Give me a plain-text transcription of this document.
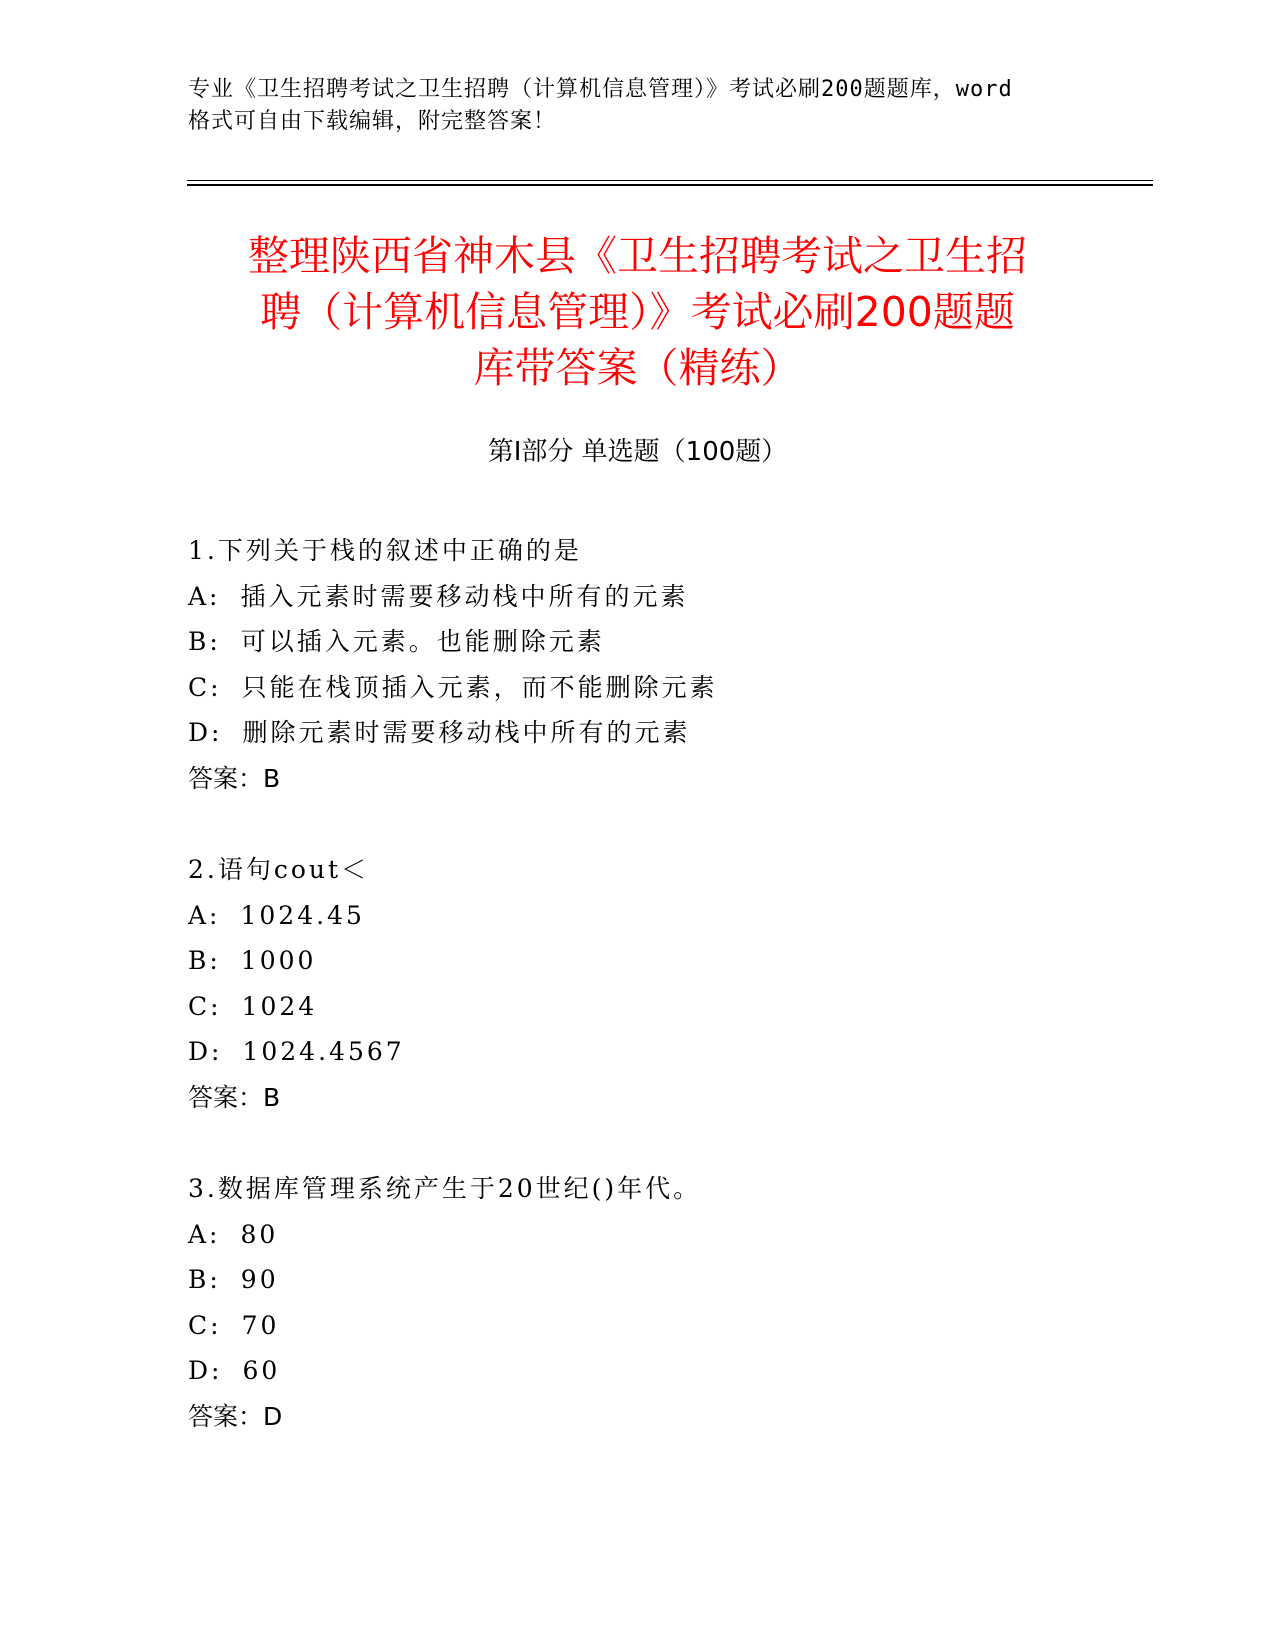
专业《卫生招聘考试之卫生招聘（计算机信息管理）》考试必刷200题题库，word

格式可自由下载编辑，附完整答案！

整理陕西省神木县《卫生招聘考试之卫生招

聘（计算机信息管理）》考试必刷200题题

库带答案（精练）

第Ⅰ部分 单选题（100题）
1.下列关于栈的叙述中正确的是
A: 插入元素时需要移动栈中所有的元素
B: 可以插入元素。也能删除元素
C: 只能在栈顶插入元素，而不能删除元素
D: 删除元素时需要移动栈中所有的元素
答案：B
2.语句cout＜
A: 1024.45
B: 1000
C: 1024
D: 1024.4567
答案：B
3.数据库管理系统产生于20世纪()年代。
A: 80
B: 90
C: 70
D: 60
答案：D
